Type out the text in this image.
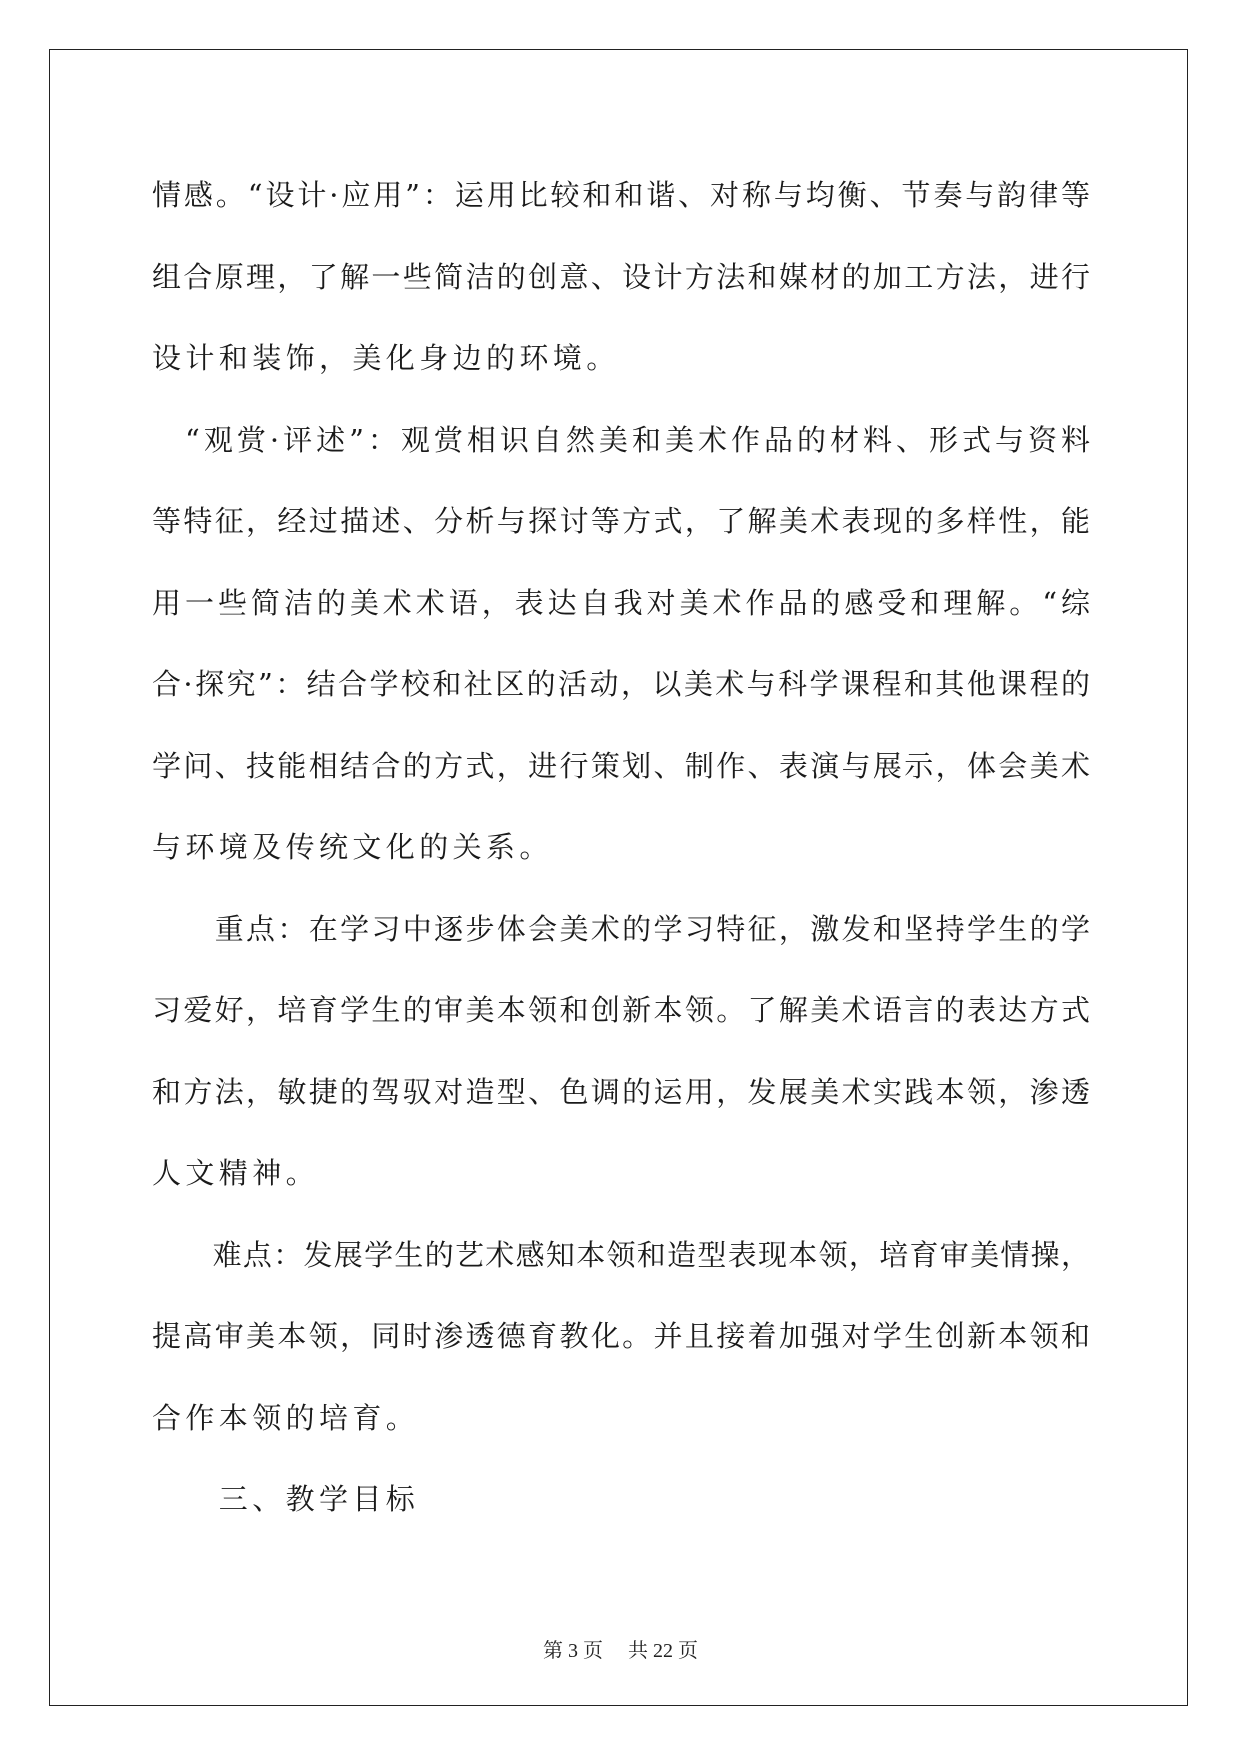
情感。“设计·应用”：运用比较和和谐、对称与均衡、节奏与韵律等

组合原理，了解一些简洁的创意、设计方法和媒材的加工方法，进行

设计和装饰，美化身边的环境。

　“观赏·评述”：观赏相识自然美和美术作品的材料、形式与资料

等特征，经过描述、分析与探讨等方式，了解美术表现的多样性，能

用一些简洁的美术术语，表达自我对美术作品的感受和理解。“综

合·探究”：结合学校和社区的活动，以美术与科学课程和其他课程的

学问、技能相结合的方式，进行策划、制作、表演与展示，体会美术

与环境及传统文化的关系。

　　重点：在学习中逐步体会美术的学习特征，激发和坚持学生的学

习爱好，培育学生的审美本领和创新本领。了解美术语言的表达方式

和方法，敏捷的驾驭对造型、色调的运用，发展美术实践本领，渗透

人文精神。

　　难点：发展学生的艺术感知本领和造型表现本领，培育审美情操，

提高审美本领，同时渗透德育教化。并且接着加强对学生创新本领和

合作本领的培育。

　　三、教学目标

第 3 页　 共 22 页
